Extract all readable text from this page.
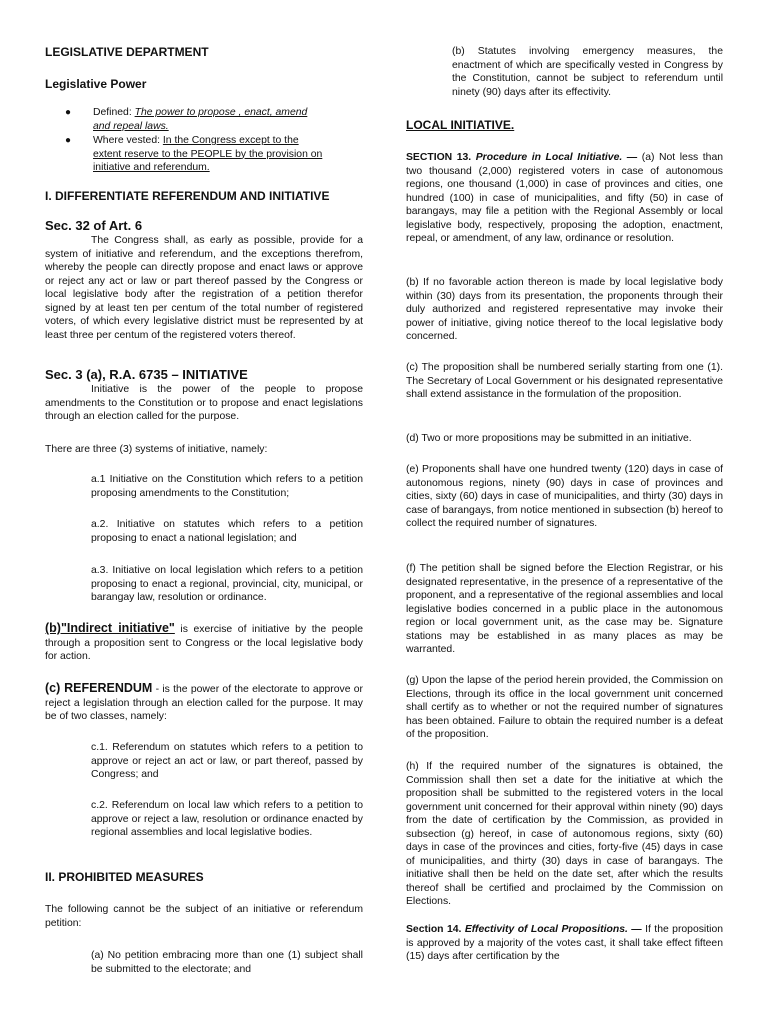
LEGISLATIVE DEPARTMENT

Legislative Power

● Defined: The power to propose , enact, amend and repeal laws.
● Where vested: In the Congress except to the extent reserve to the PEOPLE by the provision on initiative and referendum.

I. DIFFERENTIATE REFERENDUM AND INITIATIVE

Sec. 32 of Art. 6

The Congress shall, as early as possible, provide for a system of initiative and referendum, and the exceptions therefrom, whereby the people can directly propose and enact laws or approve or reject any act or law or part thereof passed by the Congress or local legislative body after the registration of a petition therefor signed by at least ten per centum of the total number of registered voters, of which every legislative district must be represented by at least three per centum of the registered voters thereof.

Sec. 3 (a), R.A. 6735 – INITIATIVE

Initiative is the power of the people to propose amendments to the Constitution or to propose and enact legislations through an election called for the purpose.

There are three (3) systems of initiative, namely:

a.1 Initiative on the Constitution which refers to a petition proposing amendments to the Constitution;

a.2. Initiative on statutes which refers to a petition proposing to enact a national legislation; and

a.3. Initiative on local legislation which refers to a petition proposing to enact a regional, provincial, city, municipal, or barangay law, resolution or ordinance.

(b)"Indirect initiative" is exercise of initiative by the people through a proposition sent to Congress or the local legislative body for action.

(c) REFERENDUM - is the power of the electorate to approve or reject a legislation through an election called for the purpose. It may be of two classes, namely:

c.1. Referendum on statutes which refers to a petition to approve or reject an act or law, or part thereof, passed by Congress; and

c.2. Referendum on local law which refers to a petition to approve or reject a law, resolution or ordinance enacted by regional assemblies and local legislative bodies.

II. PROHIBITED MEASURES

The following cannot be the subject of an initiative or referendum petition:

(a) No petition embracing more than one (1) subject shall be submitted to the electorate; and

(b) Statutes involving emergency measures, the enactment of which are specifically vested in Congress by the Constitution, cannot be subject to referendum until ninety (90) days after its effectivity.

LOCAL INITIATIVE.

SECTION 13. Procedure in Local Initiative. — (a) Not less than two thousand (2,000) registered voters in case of autonomous regions, one thousand (1,000) in case of provinces and cities, one hundred (100) in case of municipalities, and fifty (50) in case of barangays, may file a petition with the Regional Assembly or local legislative body, respectively, proposing the adoption, enactment, repeal, or amendment, of any law, ordinance or resolution.

(b) If no favorable action thereon is made by local legislative body within (30) days from its presentation, the proponents through their duly authorized and registered representative may invoke their power of initiative, giving notice thereof to the local legislative body concerned.

(c) The proposition shall be numbered serially starting from one (1). The Secretary of Local Government or his designated representative shall extend assistance in the formulation of the proposition.

(d) Two or more propositions may be submitted in an initiative.

(e) Proponents shall have one hundred twenty (120) days in case of autonomous regions, ninety (90) days in case of provinces and cities, sixty (60) days in case of municipalities, and thirty (30) days in case of barangays, from notice mentioned in subsection (b) hereof to collect the required number of signatures.

(f) The petition shall be signed before the Election Registrar, or his designated representative, in the presence of a representative of the proponent, and a representative of the regional assemblies and local legislative bodies concerned in a public place in the autonomous region or local government unit, as the case may be. Signature stations may be established in as many places as may be warranted.

(g) Upon the lapse of the period herein provided, the Commission on Elections, through its office in the local government unit concerned shall certify as to whether or not the required number of signatures has been obtained. Failure to obtain the required number is a defeat of the proposition.

(h) If the required number of the signatures is obtained, the Commission shall then set a date for the initiative at which the proposition shall be submitted to the registered voters in the local government unit concerned for their approval within ninety (90) days from the date of certification by the Commission, as provided in subsection (g) hereof, in case of autonomous regions, sixty (60) days in case of the provinces and cities, forty-five (45) days in case of municipalities, and thirty (30) days in case of barangays. The initiative shall then be held on the date set, after which the results thereof shall be certified and proclaimed by the Commission on Elections.

Section 14. Effectivity of Local Propositions. — If the proposition is approved by a majority of the votes cast, it shall take effect fifteen (15) days after certification by the
